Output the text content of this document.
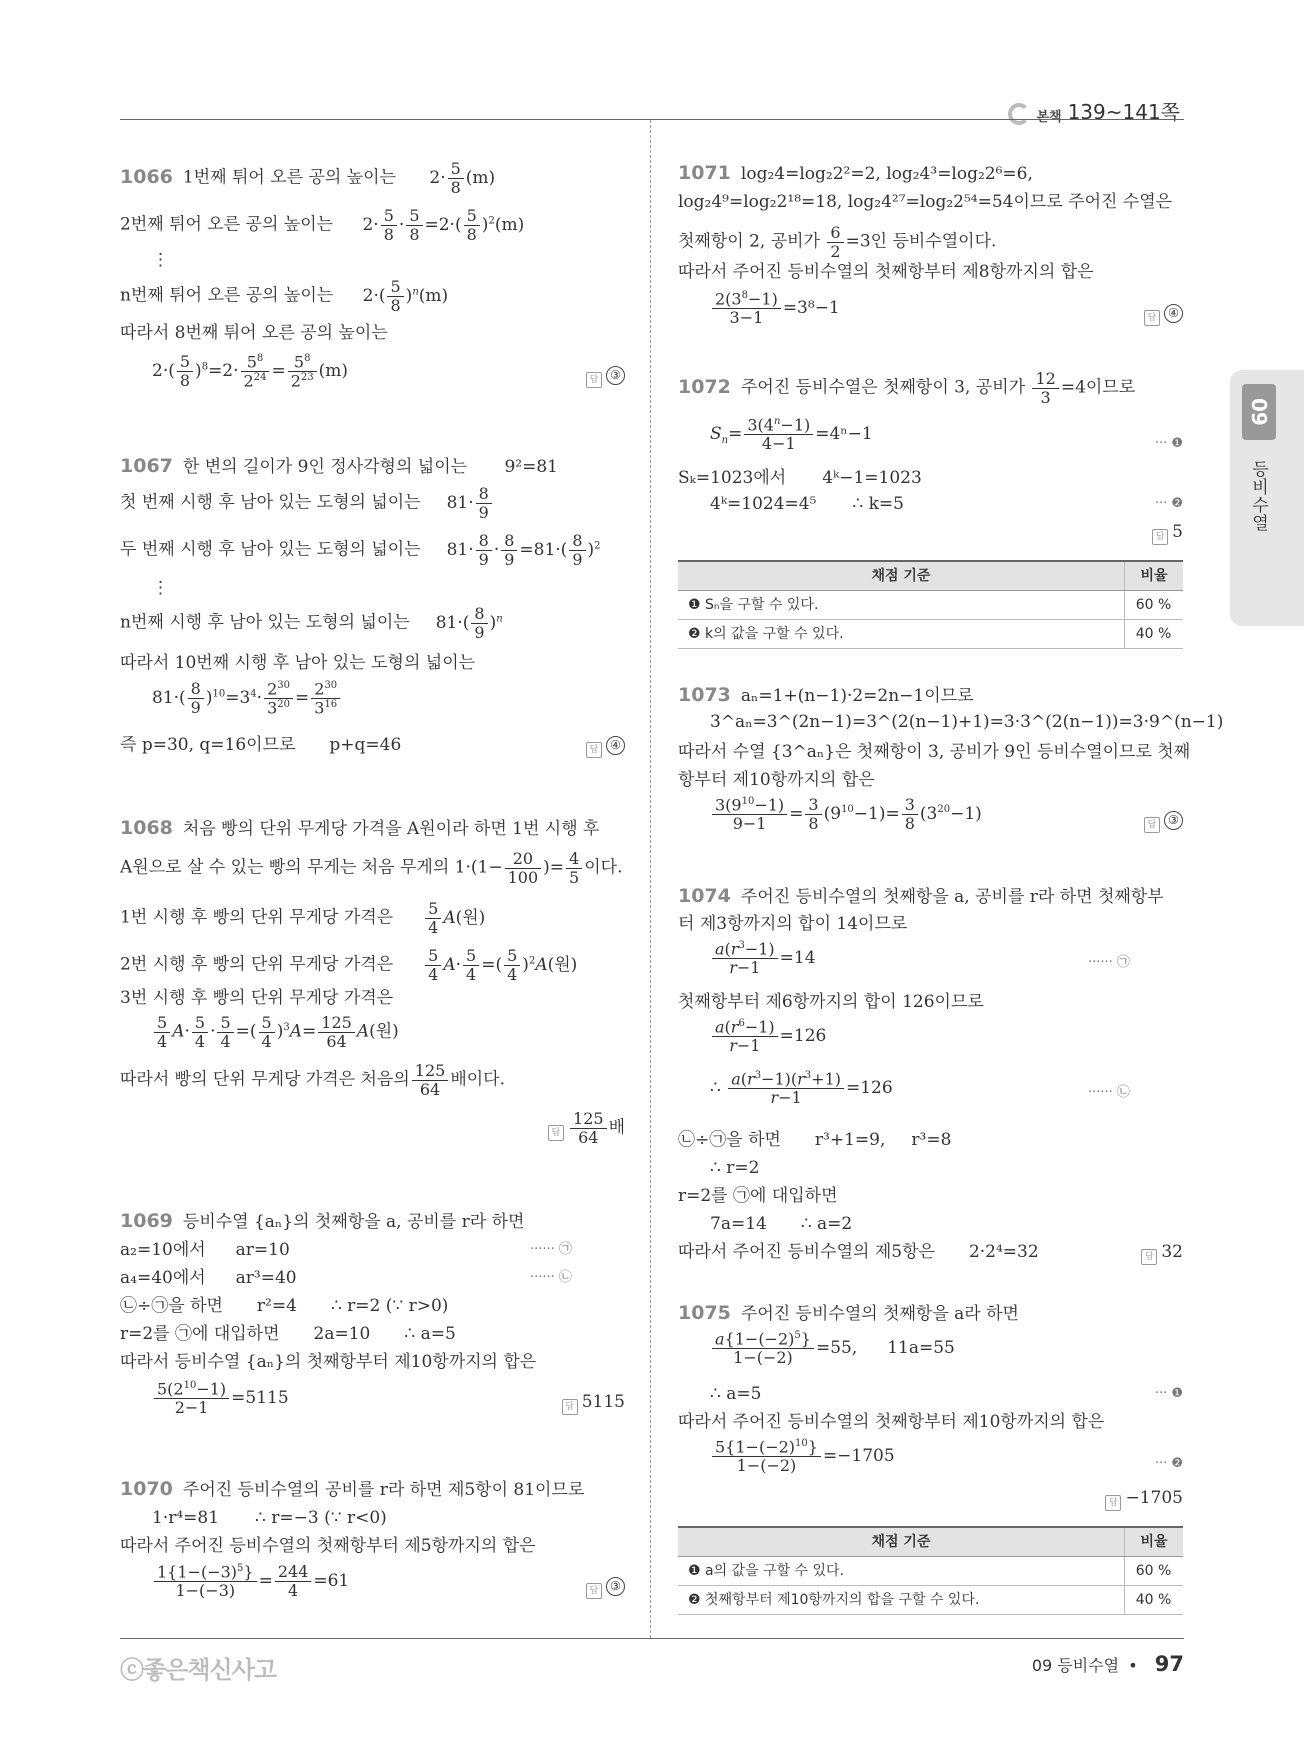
본책 139~141쪽
09
등비수열
1066 1번째 튀어 오른 공의 높이는 $2\cdot \frac{5}{8} (m)$
2번째 튀어 오른 공의 높이는 $2\cdot \frac{5}{8} \cdot \frac{5}{8} =2\cdot( \frac{5}{8} )^2(m)$
⋮
n번째 튀어 오른 공의 높이는 $2\cdot( \frac{5}{8} )^n(m)$
따라서 8번째 튀어 오른 공의 높이는
$2\cdot( \frac{5}{8} )^8=2\cdot \frac{5^8}{2^{24}} = \frac{5^8}{2^{23}} (m)$	답 ③
1067 한 변의 길이가 9인 정사각형의 넓이는 9²=81
첫 번째 시행 후 남아 있는 도형의 넓이는 $81\cdot \frac{8}{9}$
두 번째 시행 후 남아 있는 도형의 넓이는 $81\cdot \frac{8}{9} \cdot \frac{8}{9} =81\cdot( \frac{8}{9} )^2$
⋮
n번째 시행 후 남아 있는 도형의 넓이는 $81\cdot( \frac{8}{9} )^n$
따라서 10번째 시행 후 남아 있는 도형의 넓이는
$81\cdot( \frac{8}{9} )^{10}=3^4\cdot \frac{2^{30}}{3^{20}} = \frac{2^{30}}{3^{16}}$
즉 p=30, q=16이므로 p+q=46	답 ④
1068 처음 빵의 단위 무게당 가격을 A원이라 하면 1번 시행 후
A원으로 살 수 있는 빵의 무게는 처음 무게의 $1\cdot(1- \frac{20}{100}$ )= $\frac{4}{5}$ 이다.
1번 시행 후 빵의 단위 무게당 가격은 $\frac{5}{4} A$(원)
2번 시행 후 빵의 단위 무게당 가격은 $\frac{5}{4} A\cdot \frac{5}{4}$ =( $\frac{5}{4} )^2A$(원)
3번 시행 후 빵의 단위 무게당 가격은
$\frac{5}{4} A\cdot \frac{5}{4} \cdot \frac{5}{4}$ =( $\frac{5}{4} )^3A= \frac{125}{64} A$(원)
따라서 빵의 단위 무게당 가격은 처음의 $\frac{125}{64}$ 배이다.
답 $\frac{125}{64}$ 배
1069 등비수열 {aₙ}의 첫째항을 a, 공비를 r라 하면
a₂=10에서 ar=10	······ ㉠
a₄=40에서 ar³=40	······ ㉡
㉡÷㉠을 하면 r²=4 ∴ r=2 (∵ r>0)
r=2를 ㉠에 대입하면 2a=10 ∴ a=5
따라서 등비수열 {aₙ}의 첫째항부터 제10항까지의 합은
$\frac{5(2^{10}-1)}{2-1} =5115$	답 5115
1070 주어진 등비수열의 공비를 r라 하면 제5항이 81이므로
1·r⁴=81 ∴ r=−3 (∵ r<0)
따라서 주어진 등비수열의 첫째항부터 제5항까지의 합은
$\frac{1\{1-(-3)^5\}}{1-(-3)} = \frac{244}{4} =61$
답 ③
1071 log₂4=log₂2²=2, log₂4³=log₂2⁶=6,
log₂4⁹=log₂2¹⁸=18, log₂4²⁷=log₂2⁵⁴=54이므로 주어진 수열은
첫째항이 2, 공비가 $\frac{6}{2} =3$인 등비수열이다.
따라서 주어진 등비수열의 첫째항부터 제8항까지의 합은
$\frac{2(3^8-1)}{3-1} =3^8-1$
답 ④
1072 주어진 등비수열은 첫째항이 3, 공비가 $\frac{12}{3} =4$이므로
$S_n= \frac{3(4^n-1)}{4-1} =4^n-1$	··· ❶
Sₖ=1023에서 4ᵏ−1=1023
4ᵏ=1024=4⁵ ∴ k=5	··· ❷
답 5
채점 기준	비율
❶ Sₙ을 구할 수 있다.	60 %
❷ k의 값을 구할 수 있다.	40 %
1073 aₙ=1+(n−1)·2=2n−1이므로
3^aₙ=3^(2n−1)=3^(2(n−1)+1)=3·3^(2(n−1))=3·9^(n−1)
따라서 수열 {3^aₙ}은 첫째항이 3, 공비가 9인 등비수열이므로 첫째
항부터 제10항까지의 합은
$\frac{3(9^{10}-1)}{9-1} = \frac{3}{8} (9^{10}-1)= \frac{3}{8} (3^{20}-1)$
답 ③
1074 주어진 등비수열의 첫째항을 a, 공비를 r라 하면 첫째항부
터 제3항까지의 합이 14이므로
$\frac{a(r^3-1)}{r-1} =14$	······ ㉠
첫째항부터 제6항까지의 합이 126이므로
$\frac{a(r^6-1)}{r-1} =126$
∴ $\frac{a(r^3-1)(r^3+1)}{r-1} =126$	······ ㉡
㉡÷㉠을 하면 r³+1=9, r³=8
∴ r=2
r=2를 ㉠에 대입하면
7a=14 ∴ a=2
따라서 주어진 등비수열의 제5항은 2·2⁴=32	답 32
1075 주어진 등비수열의 첫째항을 a라 하면
$\frac{a\{1-(-2)^5\}}{1-(-2)} =55$, 11a=55
∴ a=5	··· ❶
따라서 주어진 등비수열의 첫째항부터 제10항까지의 합은
$\frac{5\{1-(-2)^{10}\}}{1-(-2)} =-1705$	··· ❷
답 −1705
채점 기준	비율
❶ a의 값을 구할 수 있다.	60 %
❷ 첫째항부터 제10항까지의 합을 구할 수 있다.	40 %
ⓒ좋은책신사고	09 등비수열 • 97
